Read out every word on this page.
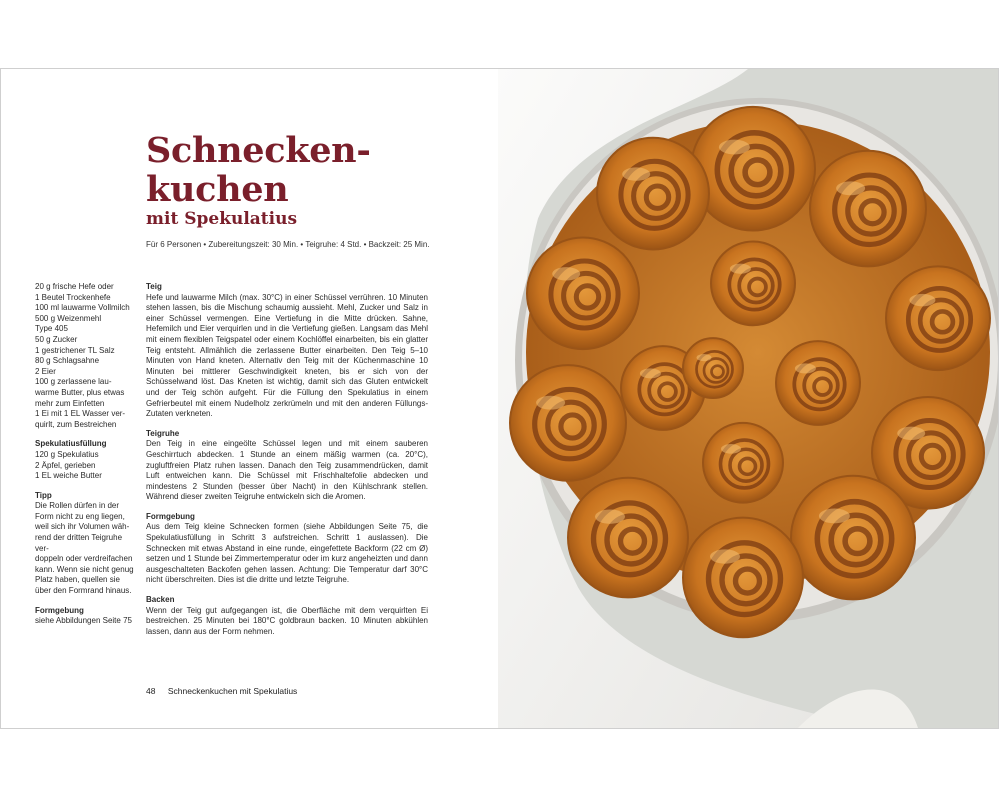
Schnecken-
kuchen
mit Spekulatius
Für 6 Personen • Zubereitungszeit: 30 Min. • Teigruhe: 4 Std. • Backzeit: 25 Min.
20 g frische Hefe oder
1 Beutel Trockenhefe
100 ml lauwarme Vollmilch
500 g Weizenmehl
Type 405
50 g Zucker
1 gestrichener TL Salz
80 g Schlagsahne
2 Eier
100 g zerlassene lau-
warme Butter, plus etwas
mehr zum Einfetten
1 Ei mit 1 EL Wasser ver-
quirlt, zum Bestreichen
Spekulatiusfüllung
120 g Spekulatius
2 Äpfel, gerieben
1 EL weiche Butter
Tipp
Die Rollen dürfen in der
Form nicht zu eng liegen,
weil sich ihr Volumen wäh-
rend der dritten Teigruhe ver-
doppeln oder verdreifachen
kann. Wenn sie nicht genug
Platz haben, quellen sie
über den Formrand hinaus.
Formgebung
siehe Abbildungen Seite 75
Teig
Hefe und lauwarme Milch (max. 30°C) in einer Schüssel verrühren. 10 Minuten stehen lassen, bis die Mischung schaumig aussieht. Mehl, Zucker und Salz in einer Schüssel vermengen. Eine Vertiefung in die Mitte drücken. Sahne, Hefemilch und Eier verquirlen und in die Vertiefung gießen. Langsam das Mehl mit einem flexiblen Teigspatel oder einem Kochlöffel einarbeiten, bis ein glatter Teig entsteht. Allmählich die zerlassene Butter einarbeiten. Den Teig 5–10 Minuten von Hand kneten. Alternativ den Teig mit der Küchenmaschine 10 Minuten bei mittlerer Geschwindigkeit kneten, bis er sich von der Schüsselwand löst. Das Kneten ist wichtig, damit sich das Gluten entwickelt und der Teig schön aufgeht. Für die Füllung den Spekulatius in einem Gefrierbeutel mit einem Nudelholz zerkrümeln und mit den anderen Füllungs-Zutaten verkneten.
Teigruhe
Den Teig in eine eingeölte Schüssel legen und mit einem sauberen Geschirrtuch abdecken. 1 Stunde an einem mäßig warmen (ca. 20°C), zugluftfreien Platz ruhen lassen. Danach den Teig zusammendrücken, damit Luft entweichen kann. Die Schüssel mit Frischhaltefolie abdecken und mindestens 2 Stunden (besser über Nacht) in den Kühlschrank stellen. Während dieser zweiten Teigruhe entwickeln sich die Aromen.
Formgebung
Aus dem Teig kleine Schnecken formen (siehe Abbildungen Seite 75, die Spekulatiusfüllung in Schritt 3 aufstreichen. Schritt 1 auslassen). Die Schnecken mit etwas Abstand in eine runde, eingefettete Backform (22 cm Ø) setzen und 1 Stunde bei Zimmertemperatur oder im kurz angeheizten und dann ausgeschalteten Backofen gehen lassen. Achtung: Die Temperatur darf 30°C nicht überschreiten. Dies ist die dritte und letzte Teigruhe.
Backen
Wenn der Teig gut aufgegangen ist, die Oberfläche mit dem verquirlten Ei bestreichen. 25 Minuten bei 180°C goldbraun backen. 10 Minuten abkühlen lassen, dann aus der Form nehmen.
48 Schneckenkuchen mit Spekulatius
